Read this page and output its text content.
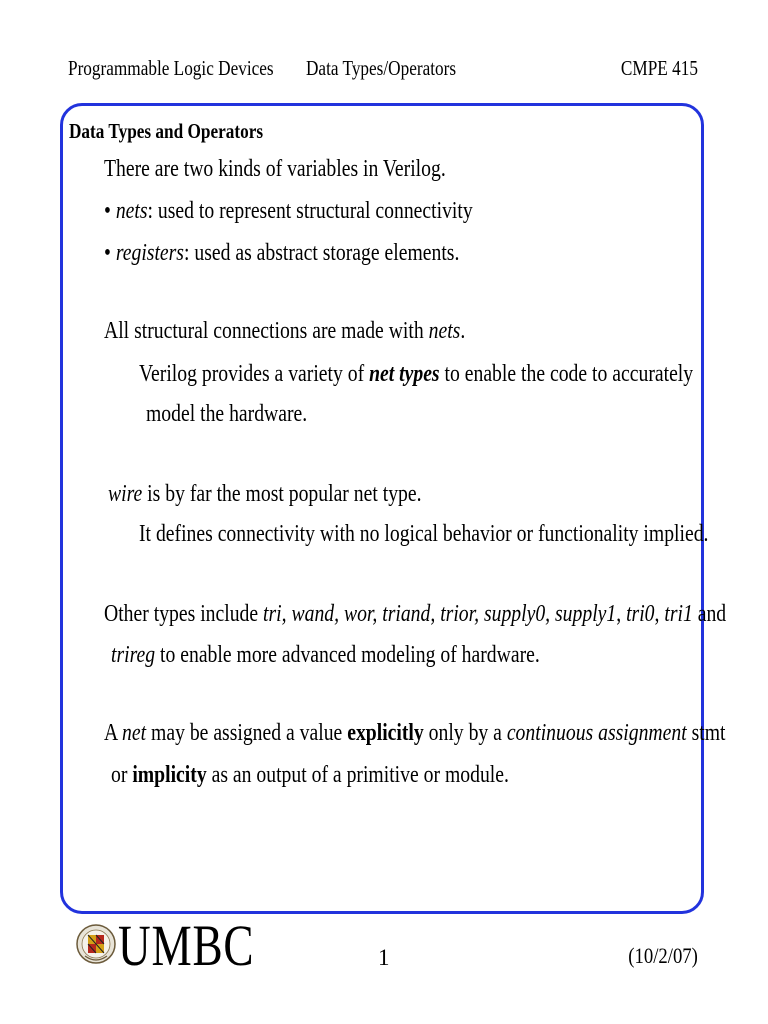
Programmable Logic Devices Data Types/Operators	CMPE 415
Data Types and Operators
There are two kinds of variables in Verilog.
• nets: used to represent structural connectivity
• registers: used as abstract storage elements.
All structural connections are made with nets.
Verilog provides a variety of net types to enable the code to accurately
model the hardware.
wire is by far the most popular net type.
It defines connectivity with no logical behavior or functionality implied.
Other types include tri, wand, wor, triand, trior, supply0, supply1, tri0, tri1 and
trireg to enable more advanced modeling of hardware.
A net may be assigned a value explicitly only by a continuous assignment stmt
or implicity as an output of a primitive or module.
UMBC	1	(10/2/07)
